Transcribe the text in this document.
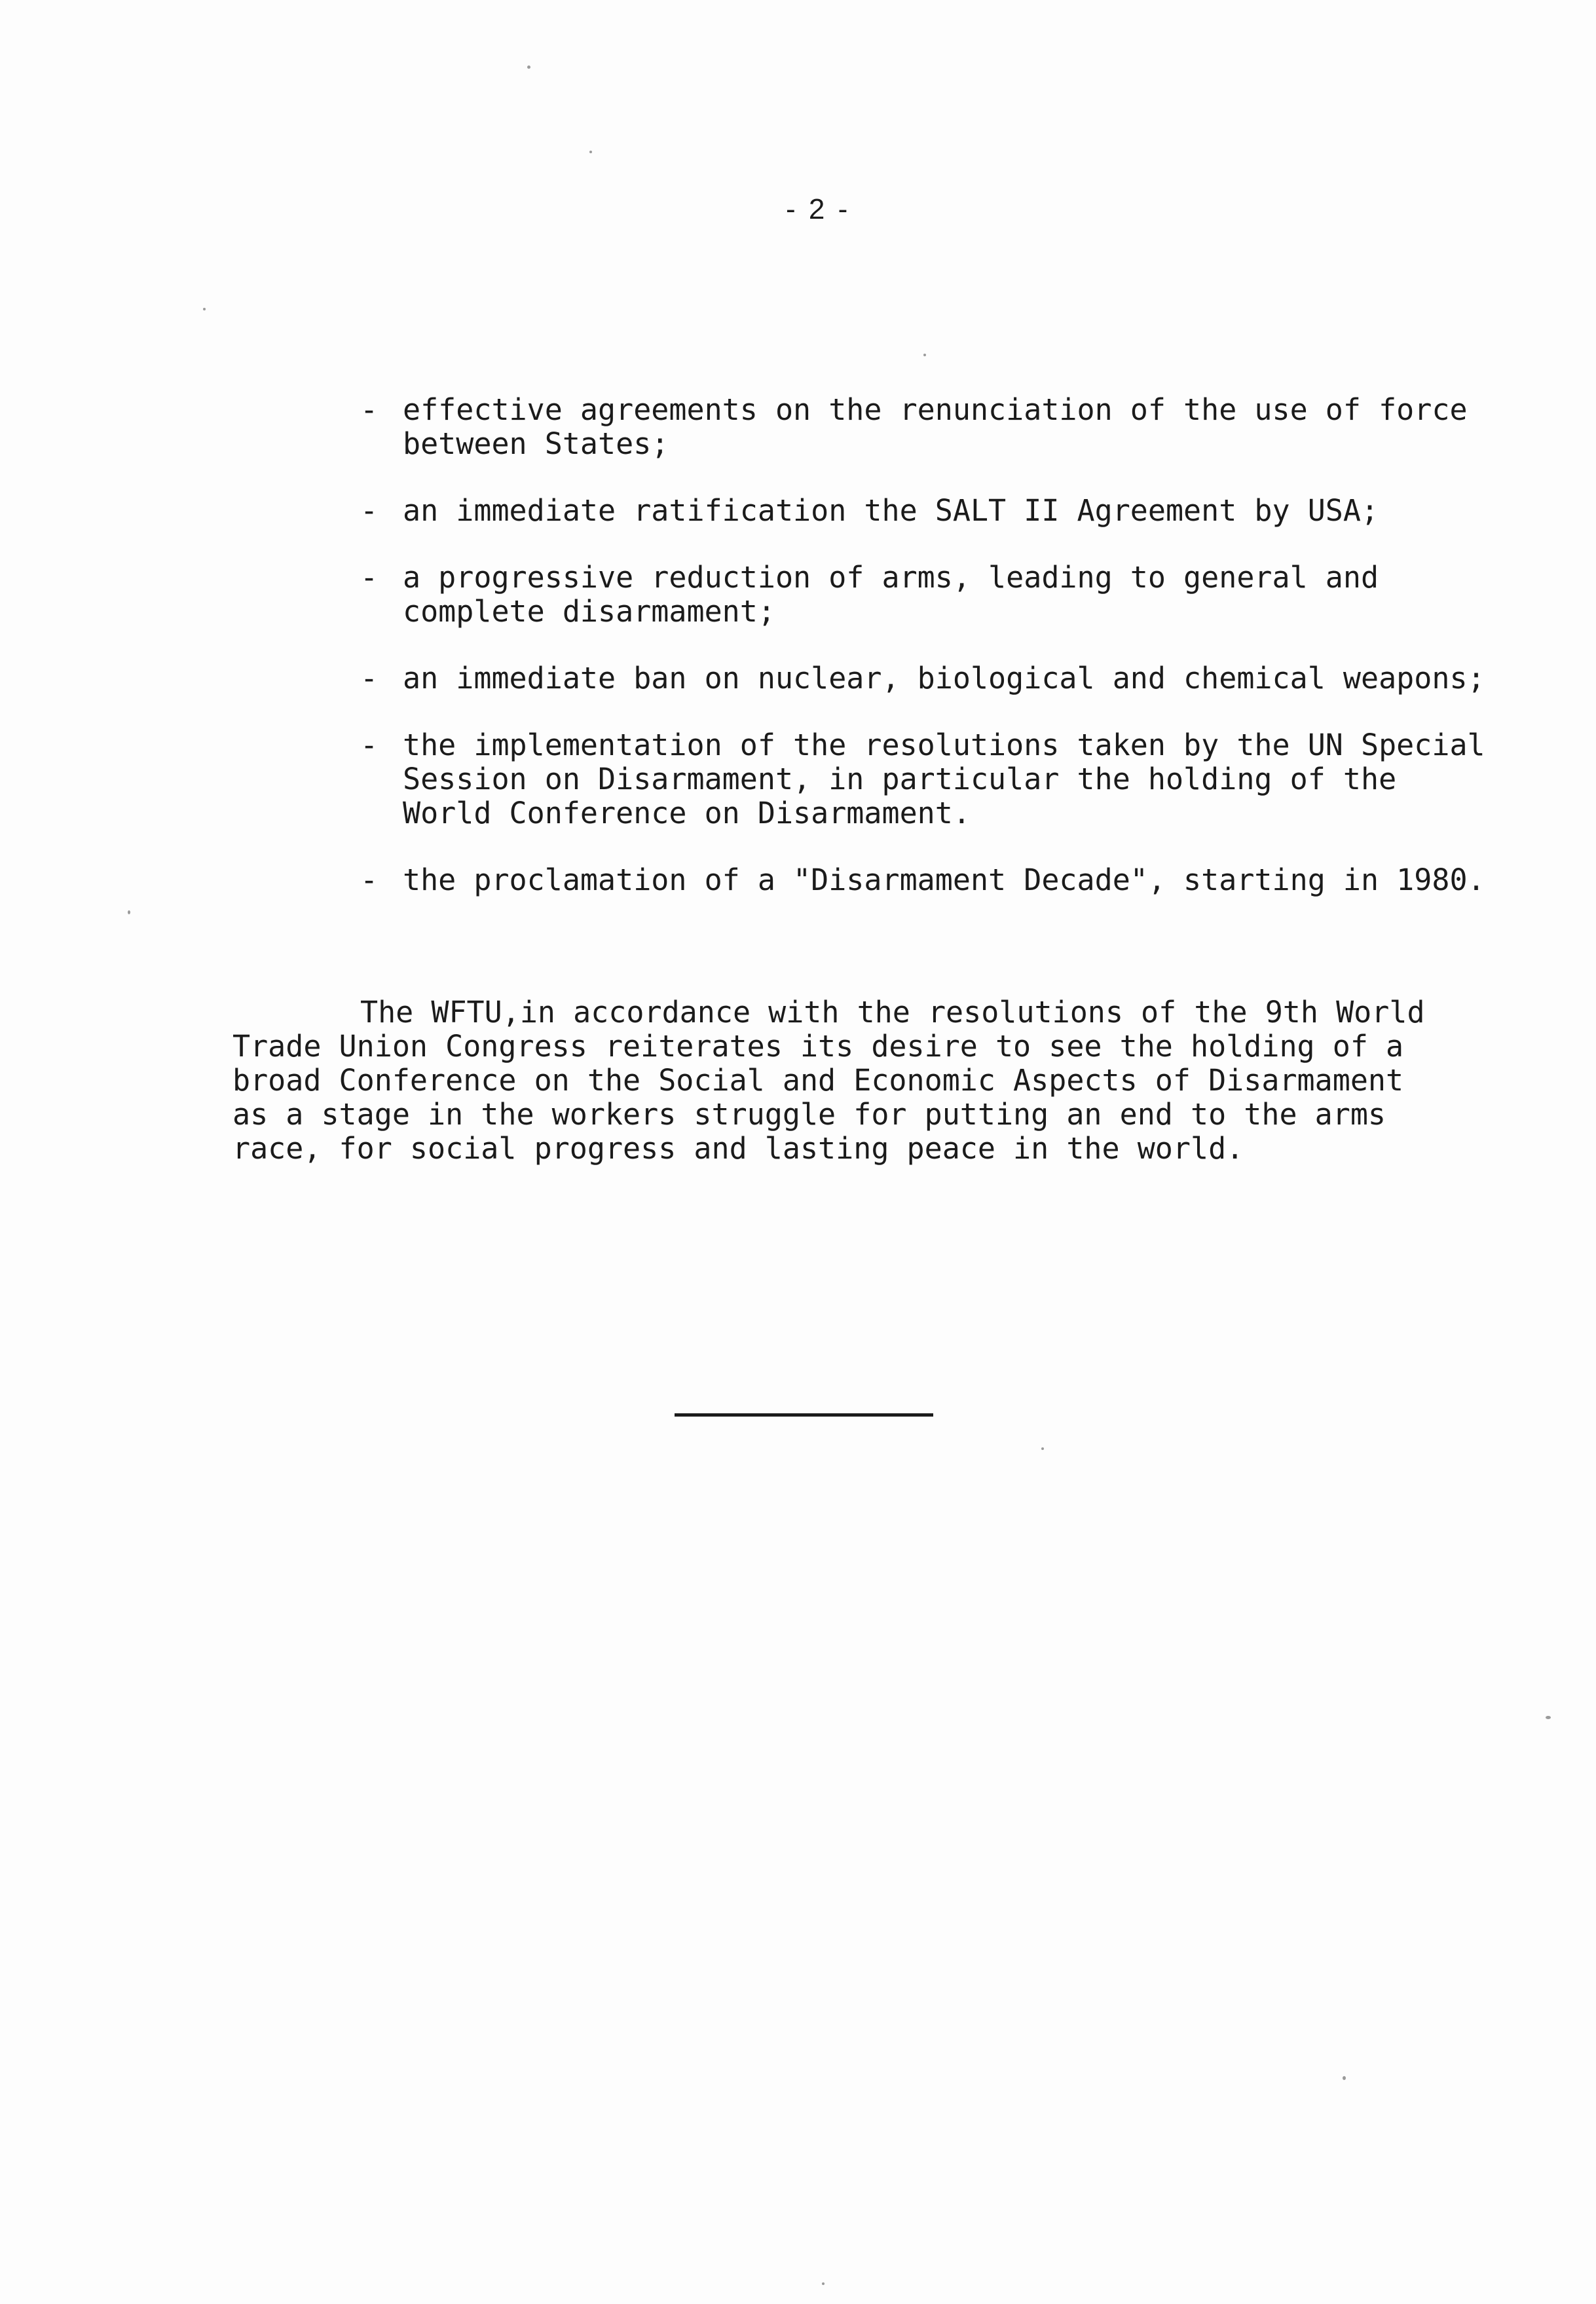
- 2 -
- effective agreements on the renunciation of the use of force between States;
- an immediate ratification the SALT II Agreement by USA;
- a progressive reduction of arms, leading to general and complete disarmament;
- an immediate ban on nuclear, biological and chemical weapons;
- the implementation of the resolutions taken by the UN Special Session on Disarmament, in particular the holding of the World Conference on Disarmament.
- the proclamation of a "Disarmament Decade", starting in 1980.
The WFTU,in accordance with the resolutions of the 9th World Trade Union Congress reiterates its desire to see the holding of a broad Conference on the Social and Economic Aspects of Disarmament as a stage in the workers struggle for putting an end to the arms race, for social progress and lasting peace in the world.
